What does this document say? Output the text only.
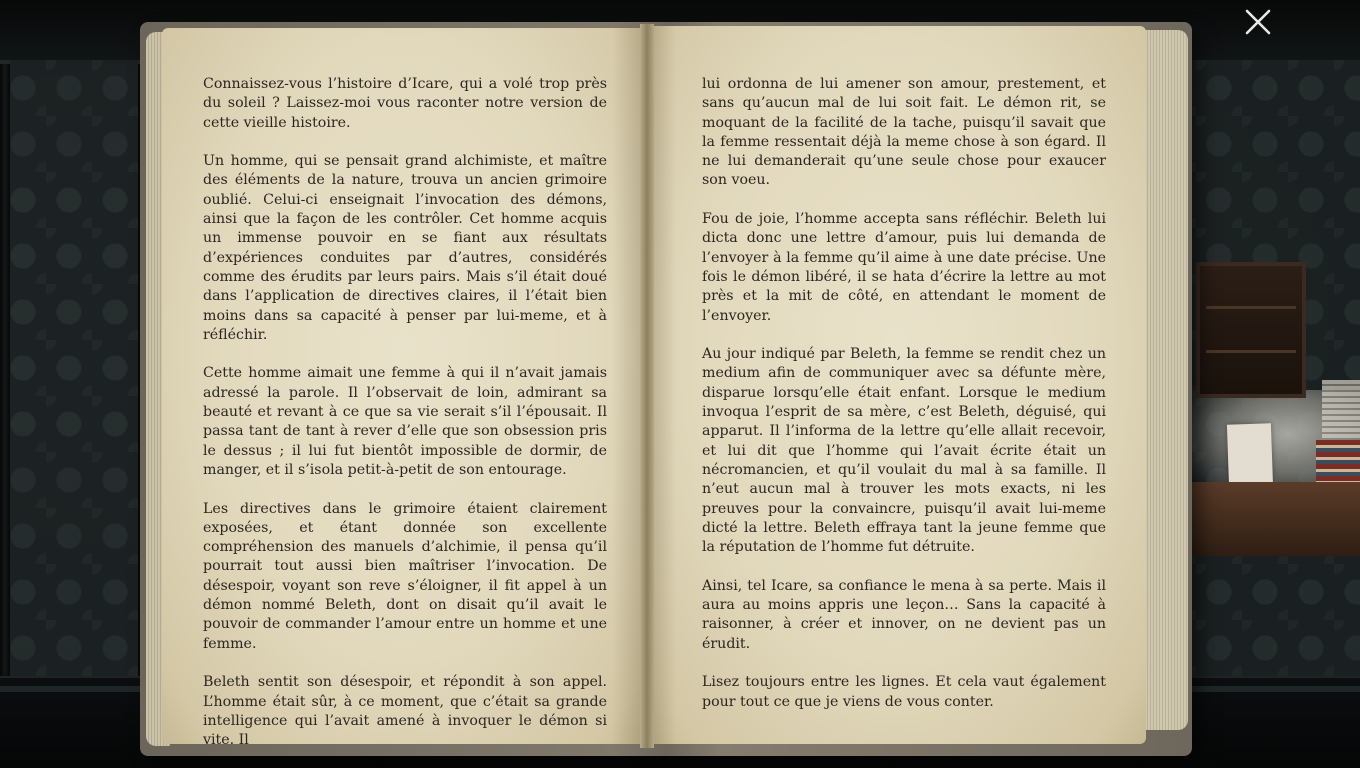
Connaissez-vous l’histoire d’Icare, qui a volé trop près du soleil ? Laissez-moi vous raconter notre version de cette vieille histoire.

Un homme, qui se pensait grand alchimiste, et maître des éléments de la nature, trouva un ancien grimoire oublié. Celui-ci enseignait l’invocation des démons, ainsi que la façon de les contrôler. Cet homme acquis un immense pouvoir en se fiant aux résultats d’expériences conduites par d’autres, considérés comme des érudits par leurs pairs. Mais s’il était doué dans l’application de directives claires, il l’était bien moins dans sa capacité à penser par lui-meme, et à réfléchir.

Cette homme aimait une femme à qui il n’avait jamais adressé la parole. Il l’observait de loin, admirant sa beauté et revant à ce que sa vie serait s’il l’épousait. Il passa tant de tant à rever d’elle que son obsession pris le dessus ; il lui fut bientôt impossible de dormir, de manger, et il s’isola petit-à-petit de son entourage.

Les directives dans le grimoire étaient clairement exposées, et étant donnée son excellente compréhension des manuels d’alchimie, il pensa qu’il pourrait tout aussi bien maîtriser l’invocation. De désespoir, voyant son reve s’éloigner, il fit appel à un démon nommé Beleth, dont on disait qu’il avait le pouvoir de commander l’amour entre un homme et une femme.

Beleth sentit son désespoir, et répondit à son appel. L’homme était sûr, à ce moment, que c’était sa grande intelligence qui l’avait amené à invoquer le démon si vite. Il

lui ordonna de lui amener son amour, prestement, et sans qu’aucun mal de lui soit fait. Le démon rit, se moquant de la facilité de la tache, puisqu’il savait que la femme ressentait déjà la meme chose à son égard. Il ne lui demanderait qu’une seule chose pour exaucer son voeu.

Fou de joie, l’homme accepta sans réfléchir. Beleth lui dicta donc une lettre d’amour, puis lui demanda de l’envoyer à la femme qu’il aime à une date précise. Une fois le démon libéré, il se hata d’écrire la lettre au mot près et la mit de côté, en attendant le moment de l’envoyer.

Au jour indiqué par Beleth, la femme se rendit chez un medium afin de communiquer avec sa défunte mère, disparue lorsqu’elle était enfant. Lorsque le medium invoqua l’esprit de sa mère, c’est Beleth, déguisé, qui apparut. Il l’informa de la lettre qu’elle allait recevoir, et lui dit que l’homme qui l’avait écrite était un nécromancien, et qu’il voulait du mal à sa famille. Il n’eut aucun mal à trouver les mots exacts, ni les preuves pour la convaincre, puisqu’il avait lui-meme dicté la lettre. Beleth effraya tant la jeune femme que la réputation de l’homme fut détruite.

Ainsi, tel Icare, sa confiance le mena à sa perte. Mais il aura au moins appris une leçon… Sans la capacité à raisonner, à créer et innover, on ne devient pas un érudit.

Lisez toujours entre les lignes. Et cela vaut également pour tout ce que je viens de vous conter.
